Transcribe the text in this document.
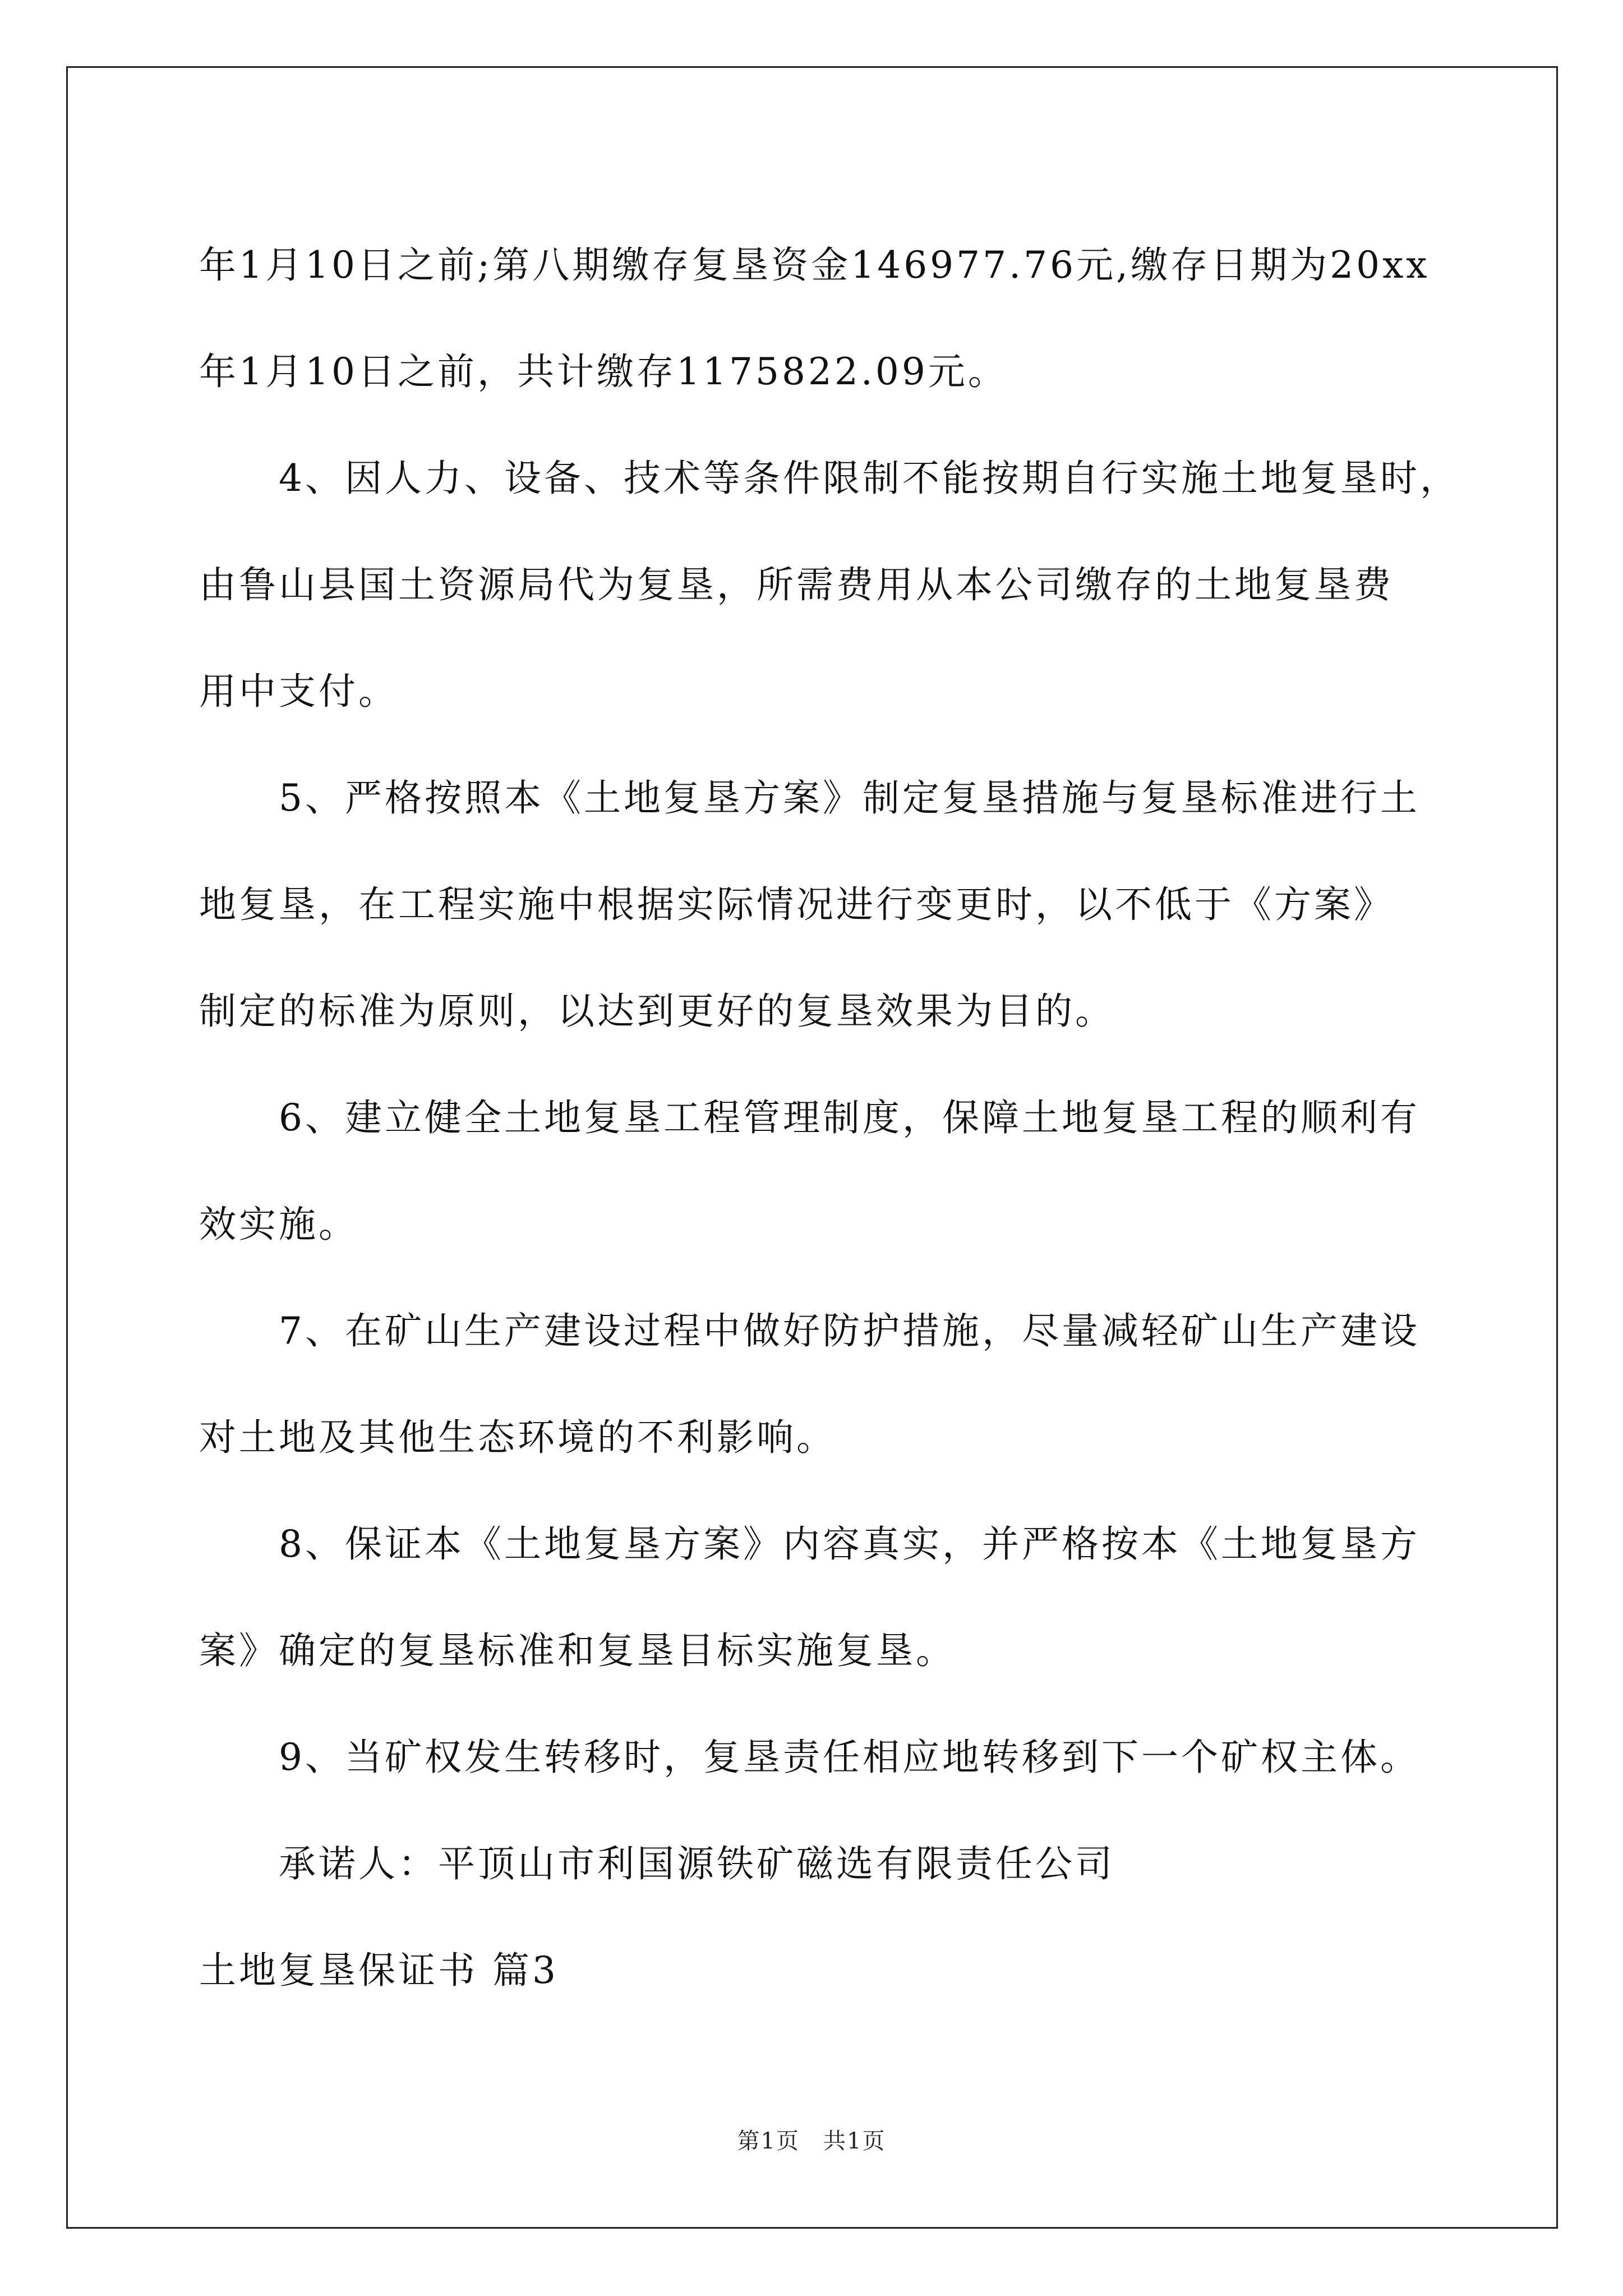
年1月10日之前;第八期缴存复垦资金146977.76元,缴存日期为20xx
年1月10日之前，共计缴存1175822.09元。
4、因人力、设备、技术等条件限制不能按期自行实施土地复垦时，
由鲁山县国土资源局代为复垦，所需费用从本公司缴存的土地复垦费
用中支付。
5、严格按照本《土地复垦方案》制定复垦措施与复垦标准进行土
地复垦，在工程实施中根据实际情况进行变更时，以不低于《方案》
制定的标准为原则，以达到更好的复垦效果为目的。
6、建立健全土地复垦工程管理制度，保障土地复垦工程的顺利有
效实施。
7、在矿山生产建设过程中做好防护措施，尽量减轻矿山生产建设
对土地及其他生态环境的不利影响。
8、保证本《土地复垦方案》内容真实，并严格按本《土地复垦方
案》确定的复垦标准和复垦目标实施复垦。
9、当矿权发生转移时，复垦责任相应地转移到下一个矿权主体。
承诺人：平顶山市利国源铁矿磁选有限责任公司
土地复垦保证书 篇3
第1页　共1页
